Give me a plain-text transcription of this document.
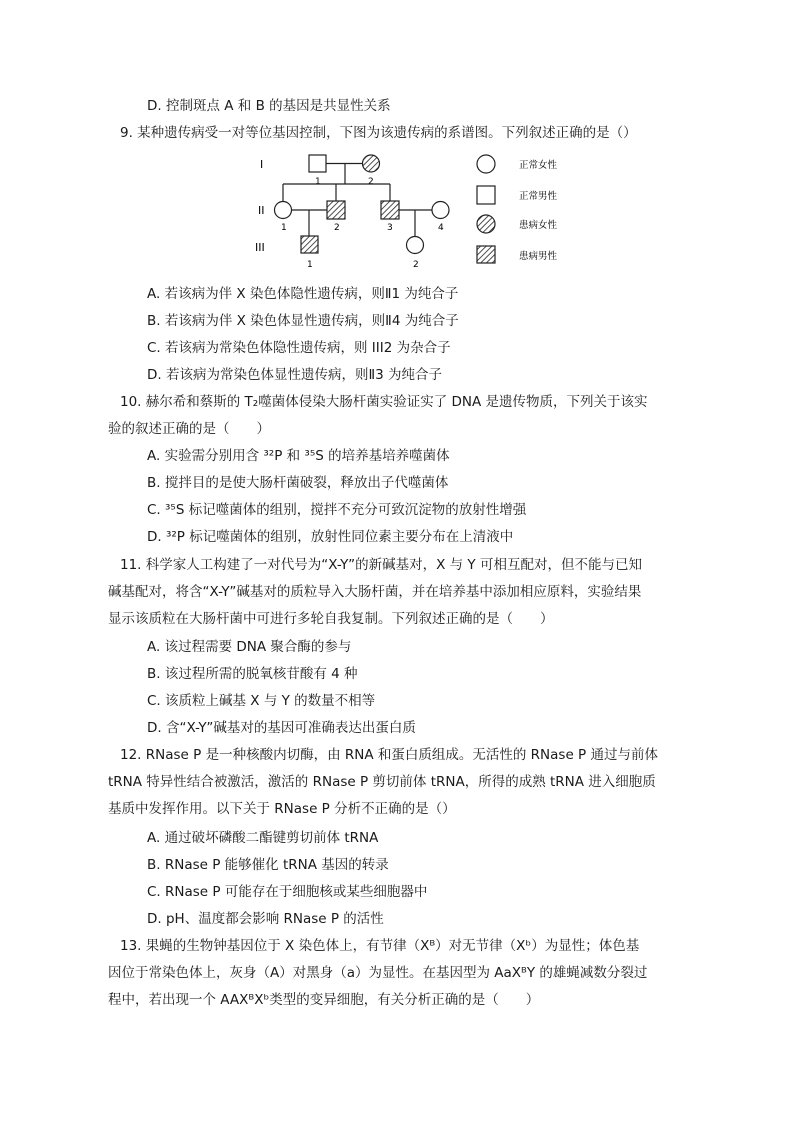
D. 控制斑点 A 和 B 的基因是共显性关系
9. 某种遗传病受一对等位基因控制，下图为该遗传病的系谱图。下列叙述正确的是（）
I
II
III
1	2
1	2	3	4
1	2
正常女性
正常男性
患病女性
患病男性
A. 若该病为伴 X 染色体隐性遗传病，则Ⅱ1 为纯合子
B. 若该病为伴 X 染色体显性遗传病，则Ⅱ4 为纯合子
C. 若该病为常染色体隐性遗传病，则 III2 为杂合子
D. 若该病为常染色体显性遗传病，则Ⅱ3 为纯合子
10. 赫尔希和蔡斯的 T₂噬菌体侵染大肠杆菌实验证实了 DNA 是遗传物质，下列关于该实
验的叙述正确的是（　　）
A. 实验需分别用含 ³²P 和 ³⁵S 的培养基培养噬菌体
B. 搅拌目的是使大肠杆菌破裂，释放出子代噬菌体
C. ³⁵S 标记噬菌体的组别，搅拌不充分可致沉淀物的放射性增强
D. ³²P 标记噬菌体的组别，放射性同位素主要分布在上清液中
11. 科学家人工构建了一对代号为“X-Y”的新碱基对，X 与 Y 可相互配对，但不能与已知
碱基配对，将含“X-Y”碱基对的质粒导入大肠杆菌，并在培养基中添加相应原料，实验结果
显示该质粒在大肠杆菌中可进行多轮自我复制。下列叙述正确的是（　　）
A. 该过程需要 DNA 聚合酶的参与
B. 该过程所需的脱氧核苷酸有 4 种
C. 该质粒上碱基 X 与 Y 的数量不相等
D. 含“X-Y”碱基对的基因可准确表达出蛋白质
12. RNase P 是一种核酸内切酶，由 RNA 和蛋白质组成。无活性的 RNase P 通过与前体
tRNA 特异性结合被激活，激活的 RNase P 剪切前体 tRNA，所得的成熟 tRNA 进入细胞质
基质中发挥作用。以下关于 RNase P 分析不正确的是（）
A. 通过破坏磷酸二酯键剪切前体 tRNA
B. RNase P 能够催化 tRNA 基因的转录
C. RNase P 可能存在于细胞核或某些细胞器中
D. pH、温度都会影响 RNase P 的活性
13. 果蝇的生物钟基因位于 X 染色体上，有节律（Xᴮ）对无节律（Xᵇ）为显性；体色基
因位于常染色体上，灰身（A）对黑身（a）为显性。在基因型为 AaXᴮY 的雄蝇减数分裂过
程中，若出现一个 AAXᴮXᵇ类型的变异细胞，有关分析正确的是（　　）
